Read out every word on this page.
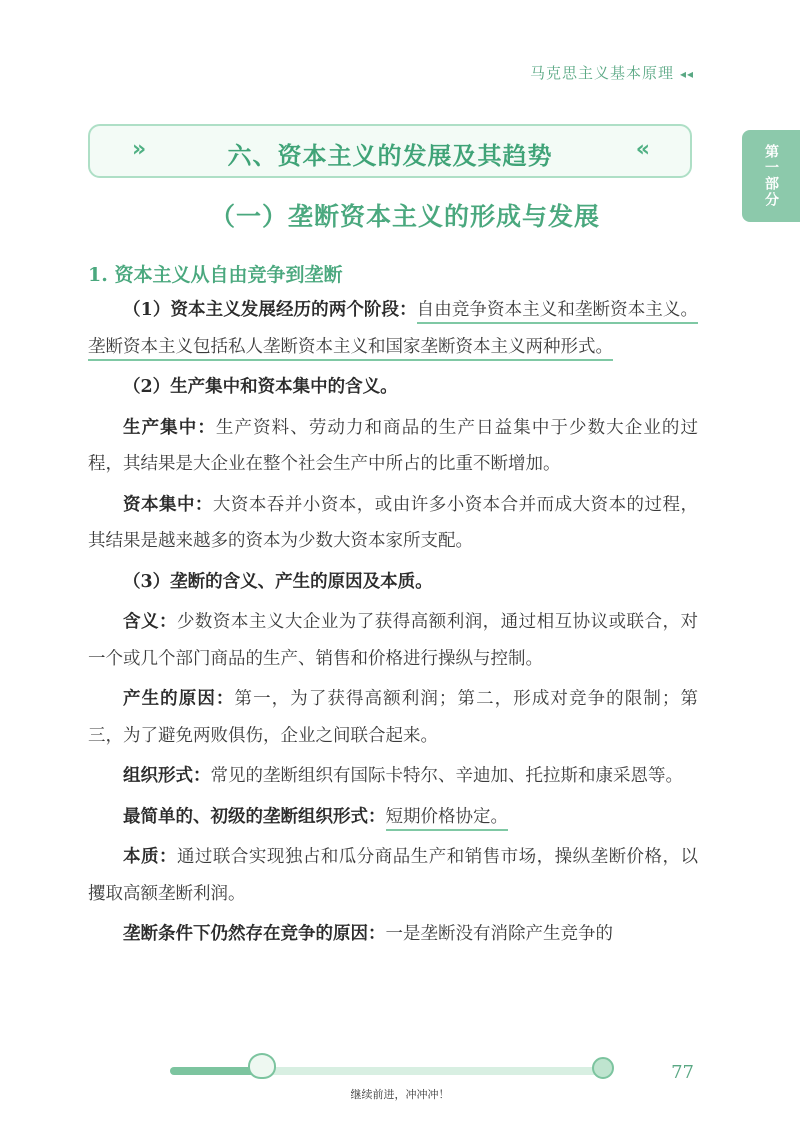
马克思主义基本原理 ◂◂
第一部分
»	六、资本主义的发展及其趋势	«
（一）垄断资本主义的形成与发展
1. 资本主义从自由竞争到垄断

（1）资本主义发展经历的两个阶段：自由竞争资本主义和垄断资本主义。垄断资本主义包括私人垄断资本主义和国家垄断资本主义两种形式。

（2）生产集中和资本集中的含义。

生产集中：生产资料、劳动力和商品的生产日益集中于少数大企业的过程，其结果是大企业在整个社会生产中所占的比重不断增加。

资本集中：大资本吞并小资本，或由许多小资本合并而成大资本的过程，其结果是越来越多的资本为少数大资本家所支配。

（3）垄断的含义、产生的原因及本质。

含义：少数资本主义大企业为了获得高额利润，通过相互协议或联合，对一个或几个部门商品的生产、销售和价格进行操纵与控制。

产生的原因：第一，为了获得高额利润；第二，形成对竞争的限制；第三，为了避免两败俱伤，企业之间联合起来。

组织形式：常见的垄断组织有国际卡特尔、辛迪加、托拉斯和康采恩等。

最简单的、初级的垄断组织形式：短期价格协定。

本质：通过联合实现独占和瓜分商品生产和销售市场，操纵垄断价格，以攫取高额垄断利润。

垄断条件下仍然存在竞争的原因：一是垄断没有消除产生竞争的

继续前进，冲冲冲！
77
